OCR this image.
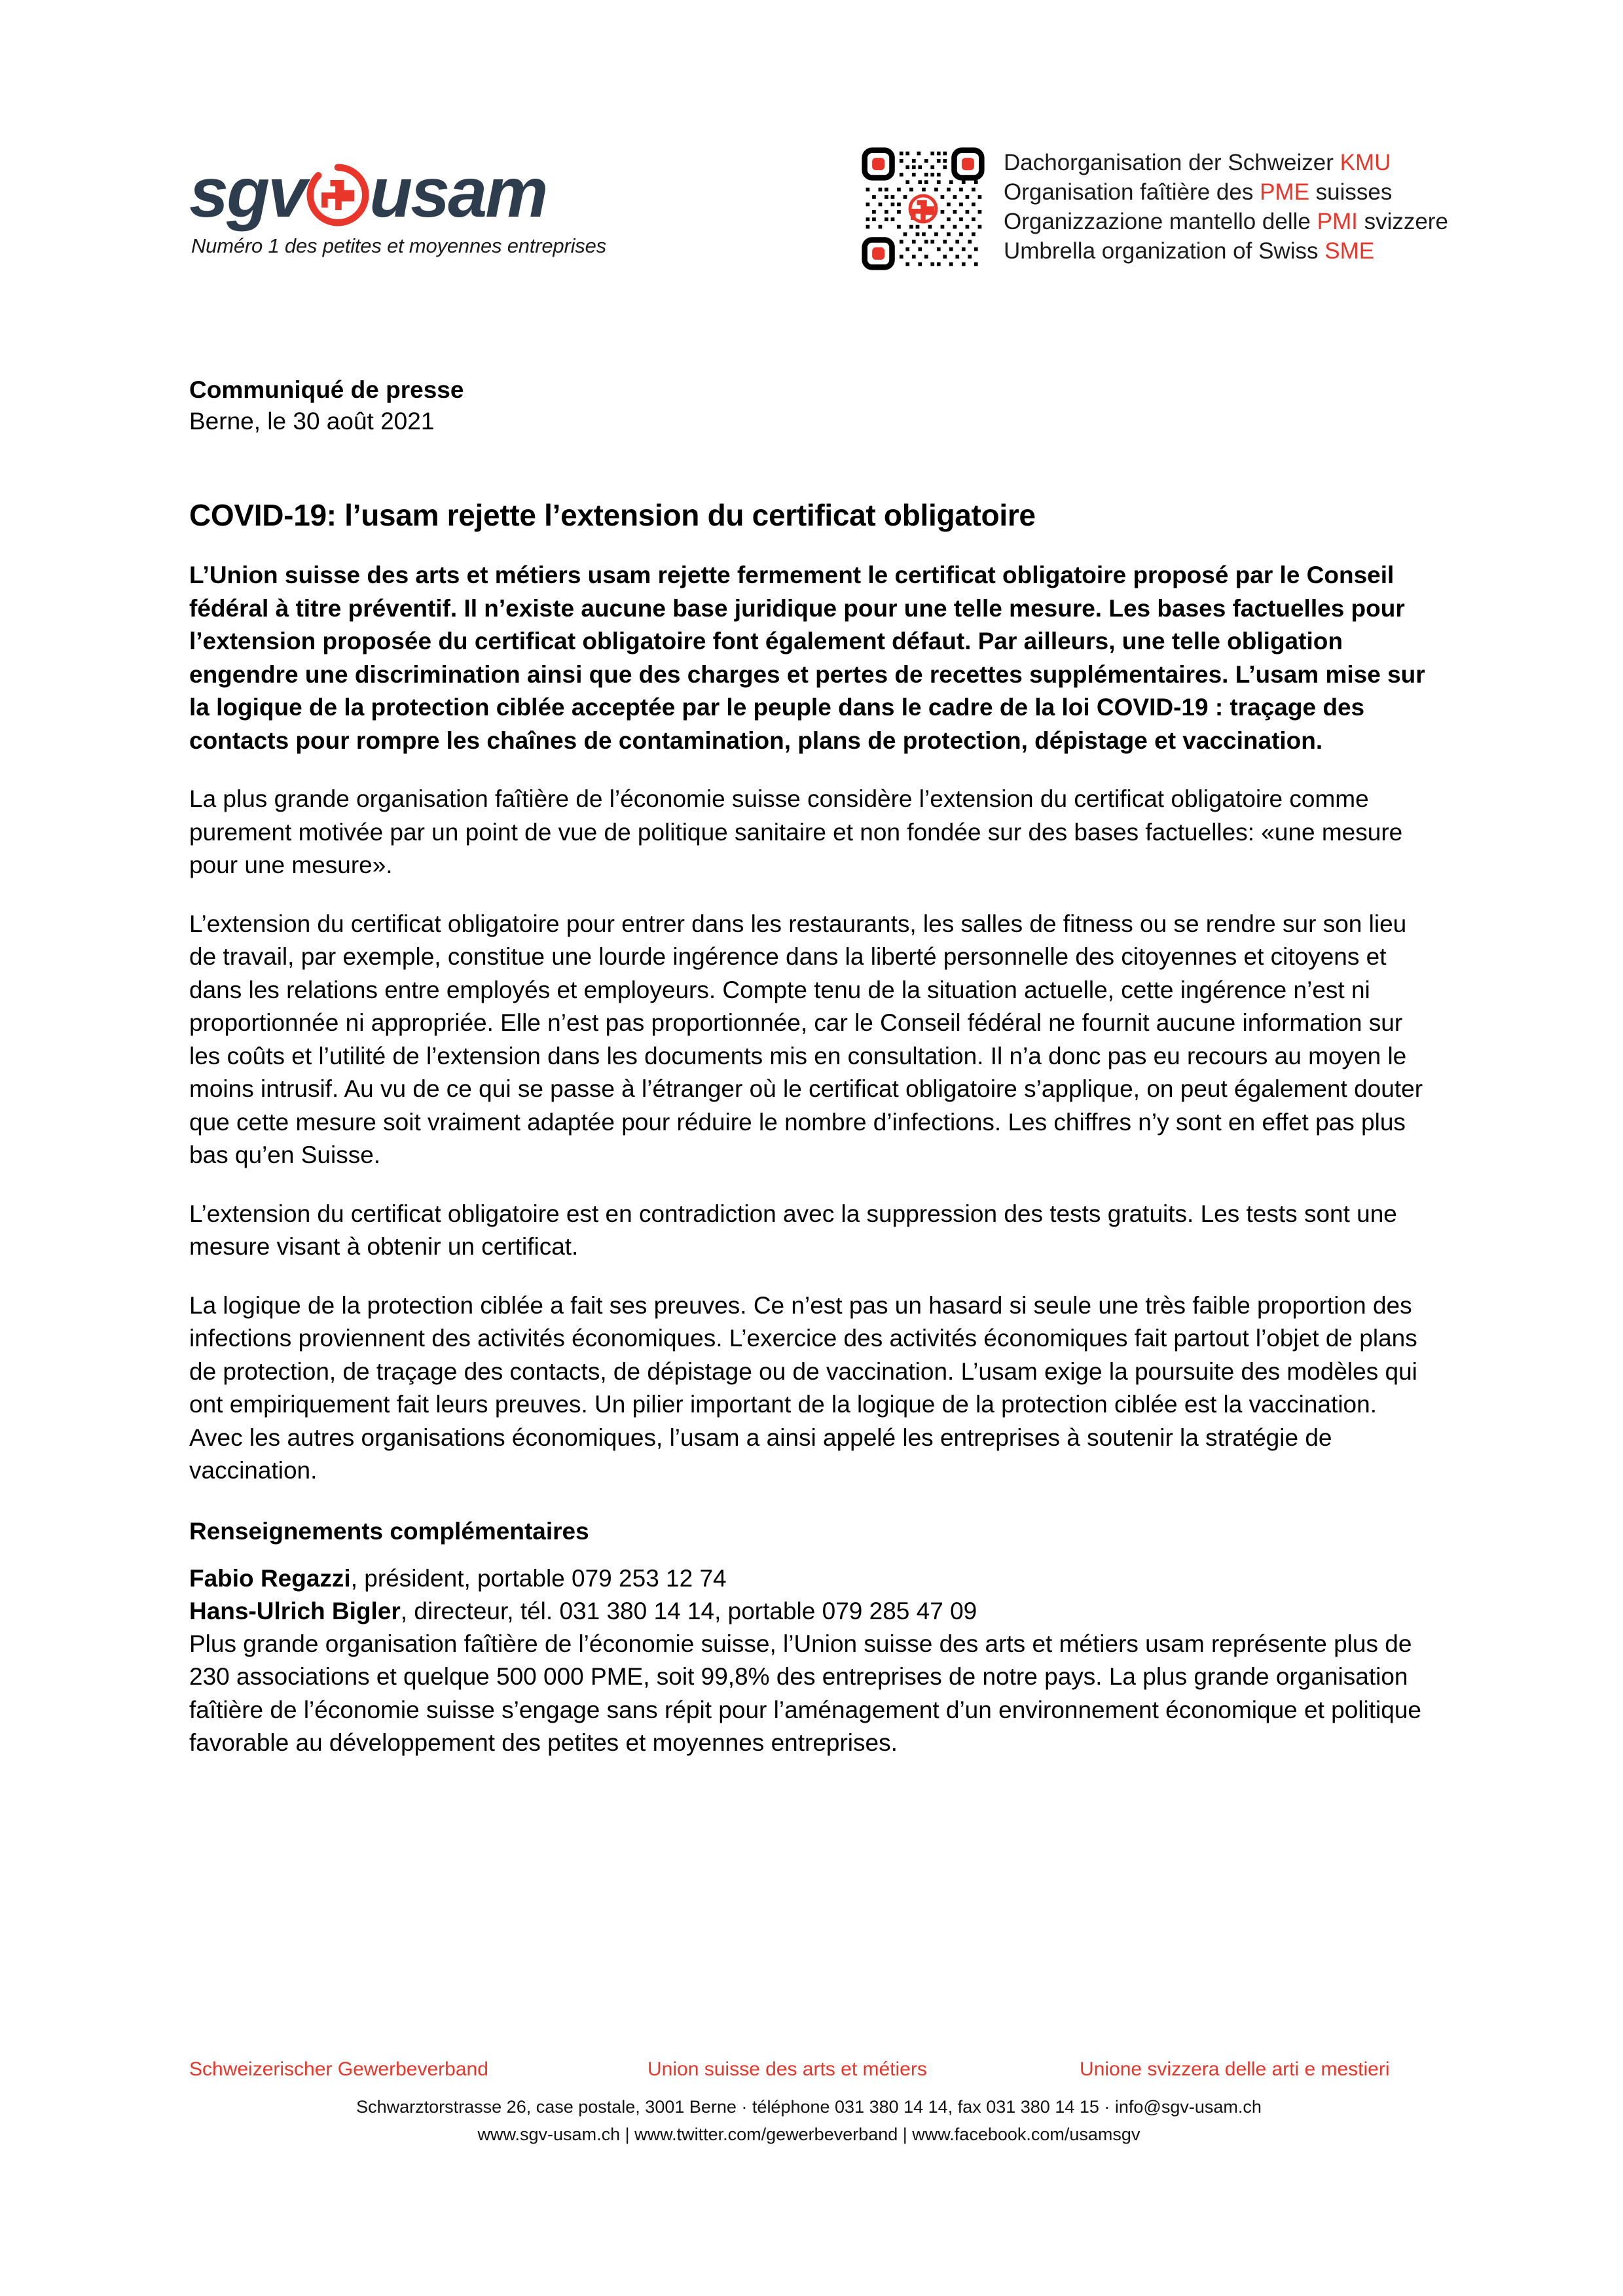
sgv usam
Numéro 1 des petites et moyennes entreprises
Dachorganisation der Schweizer KMU
Organisation faîtière des PME suisses
Organizzazione mantello delle PMI svizzere
Umbrella organization of Swiss SME
Communiqué de presse
Berne, le 30 août 2021
COVID-19: l’usam rejette l’extension du certificat obligatoire

L’Union suisse des arts et métiers usam rejette fermement le certificat obligatoire proposé par le Conseil fédéral à titre préventif. Il n’existe aucune base juridique pour une telle mesure. Les bases factuelles pour l’extension proposée du certificat obligatoire font également défaut. Par ailleurs, une telle obligation engendre une discrimination ainsi que des charges et pertes de recettes supplémentaires. L’usam mise sur la logique de la protection ciblée acceptée par le peuple dans le cadre de la loi COVID-19 : traçage des contacts pour rompre les chaînes de contamination, plans de protection, dépistage et vaccination.

La plus grande organisation faîtière de l’économie suisse considère l’extension du certificat obligatoire comme purement motivée par un point de vue de politique sanitaire et non fondée sur des bases factuelles: «une mesure pour une mesure».

L’extension du certificat obligatoire pour entrer dans les restaurants, les salles de fitness ou se rendre sur son lieu de travail, par exemple, constitue une lourde ingérence dans la liberté personnelle des citoyennes et citoyens et dans les relations entre employés et employeurs. Compte tenu de la situation actuelle, cette ingérence n’est ni proportionnée ni appropriée. Elle n’est pas proportionnée, car le Conseil fédéral ne fournit aucune information sur les coûts et l’utilité de l’extension dans les documents mis en consultation. Il n’a donc pas eu recours au moyen le moins intrusif. Au vu de ce qui se passe à l’étranger où le certificat obligatoire s’applique, on peut également douter que cette mesure soit vraiment adaptée pour réduire le nombre d’infections. Les chiffres n’y sont en effet pas plus bas qu’en Suisse.

L’extension du certificat obligatoire est en contradiction avec la suppression des tests gratuits. Les tests sont une mesure visant à obtenir un certificat.

La logique de la protection ciblée a fait ses preuves. Ce n’est pas un hasard si seule une très faible proportion des infections proviennent des activités économiques. L’exercice des activités économiques fait partout l’objet de plans de protection, de traçage des contacts, de dépistage ou de vaccination. L’usam exige la poursuite des modèles qui ont empiriquement fait leurs preuves. Un pilier important de la logique de la protection ciblée est la vaccination. Avec les autres organisations économiques, l’usam a ainsi appelé les entreprises à soutenir la stratégie de vaccination.

Renseignements complémentaires
Fabio Regazzi, président, portable 079 253 12 74
Hans-Ulrich Bigler, directeur, tél. 031 380 14 14, portable 079 285 47 09

Plus grande organisation faîtière de l’économie suisse, l’Union suisse des arts et métiers usam représente plus de 230 associations et quelque 500 000 PME, soit 99,8% des entreprises de notre pays. La plus grande organisation faîtière de l’économie suisse s’engage sans répit pour l’aménagement d’un environnement économique et politique favorable au développement des petites et moyennes entreprises.

Schweizerischer Gewerbeverband	Union suisse des arts et métiers	Unione svizzera delle arti e mestieri
Schwarztorstrasse 26, case postale, 3001 Berne · téléphone 031 380 14 14, fax 031 380 14 15 · info@sgv-usam.ch
www.sgv-usam.ch | www.twitter.com/gewerbeverband | www.facebook.com/usamsgv
